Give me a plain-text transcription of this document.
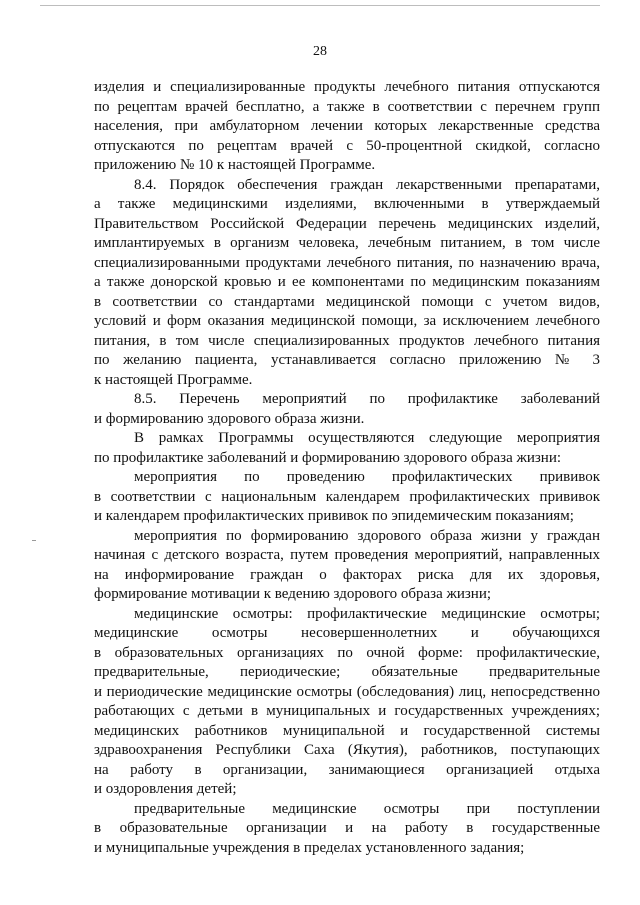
28

изделия и специализированные продукты лечебного питания отпускаются

по рецептам врачей бесплатно, а также в соответствии с перечнем групп

населения, при амбулаторном лечении которых лекарственные средства

отпускаются по рецептам врачей с 50-процентной скидкой, согласно

приложению № 10 к настоящей Программе.

8.4. Порядок обеспечения граждан лекарственными препаратами,

а также медицинскими изделиями, включенными в утверждаемый

Правительством Российской Федерации перечень медицинских изделий,

имплантируемых в организм человека, лечебным питанием, в том числе

специализированными продуктами лечебного питания, по назначению врача,

а также донорской кровью и ее компонентами по медицинским показаниям

в соответствии со стандартами медицинской помощи с учетом видов,

условий и форм оказания медицинской помощи, за исключением лечебного

питания, в том числе специализированных продуктов лечебного питания

по желанию пациента, устанавливается согласно приложению № 3

к настоящей Программе.

8.5. Перечень мероприятий по профилактике заболеваний

и формированию здорового образа жизни.

В рамках Программы осуществляются следующие мероприятия

по профилактике заболеваний и формированию здорового образа жизни:

мероприятия по проведению профилактических прививок

в соответствии с национальным календарем профилактических прививок

и календарем профилактических прививок по эпидемическим показаниям;

мероприятия по формированию здорового образа жизни у граждан

начиная с детского возраста, путем проведения мероприятий, направленных

на информирование граждан о факторах риска для их здоровья,

формирование мотивации к ведению здорового образа жизни;

медицинские осмотры: профилактические медицинские осмотры;

медицинские осмотры несовершеннолетних и обучающихся

в образовательных организациях по очной форме: профилактические,

предварительные, периодические; обязательные предварительные

и периодические медицинские осмотры (обследования) лиц, непосредственно

работающих с детьми в муниципальных и государственных учреждениях;

медицинских работников муниципальной и государственной системы

здравоохранения Республики Саха (Якутия), работников, поступающих

на работу в организации, занимающиеся организацией отдыха

и оздоровления детей;

предварительные медицинские осмотры при поступлении

в образовательные организации и на работу в государственные

и муниципальные учреждения в пределах установленного задания;
